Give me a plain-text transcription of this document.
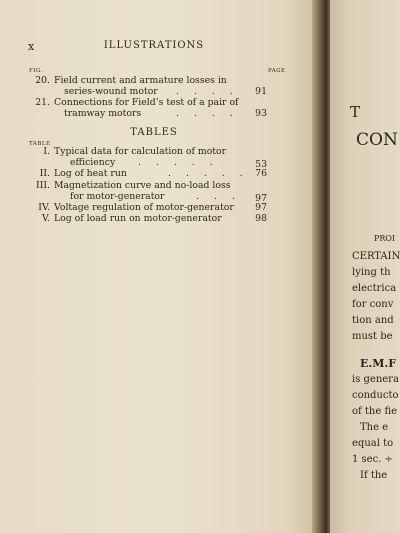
x	ILLUSTRATIONS
FIG.	PAGE
20. Field current and armature losses in
series-wound motor . . . .	91
21. Connections for Field’s test of a pair of
tramway motors	. . . .	93
TABLES
TABLE
I. Typical data for calculation of motor
efficiency . . . . .	53
II. Log of heat run	. . . . . 76
III. Magnetization curve and no-load loss
for motor-generator	. . .	97
IV. Voltage regulation of motor-generator	97
V. Log of load run on motor-generator	98
T
CON
PROI
CERTAIN
lying th
electrica
for conv
tion and
must be
E.M.F
is genera
conducto
of the fie
The e
equal to
1 sec. ÷
If the
